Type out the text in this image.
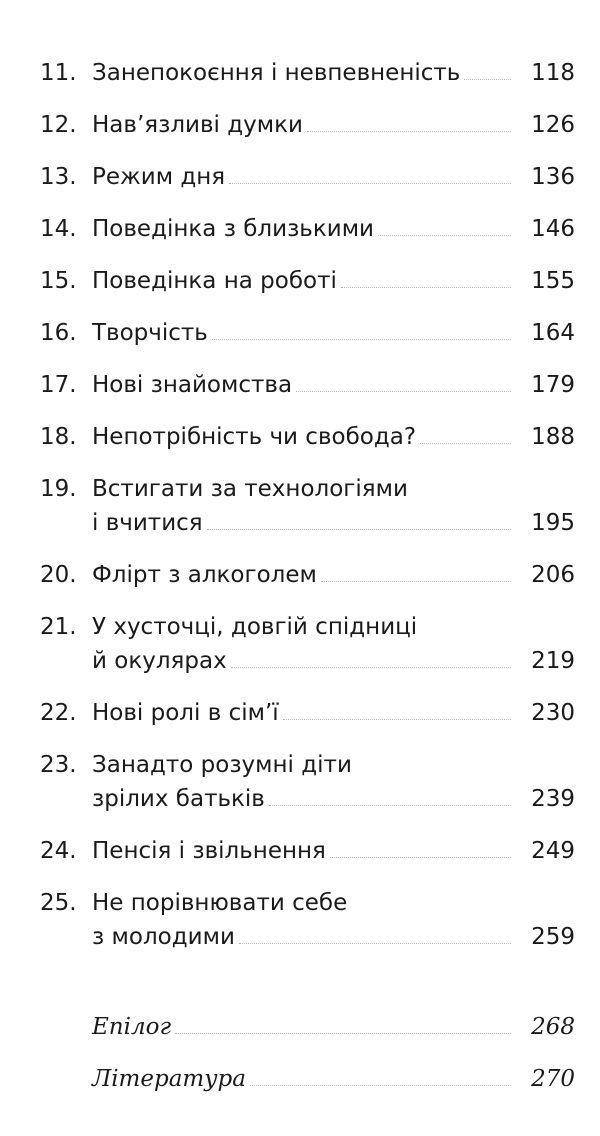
11. Занепокоєння і невпевненість	118
12. Нав’язливі думки	126
13. Режим дня	136
14. Поведінка з близькими	146
15. Поведінка на роботі	155
16. Творчість	164
17. Нові знайомства	179
18. Непотрібність чи свобода?	188
19. Встигати за технологіями
і вчитися	195
20. Флірт з алкоголем	206
21. У хусточці, довгій спідниці
й окулярах	219
22. Нові ролі в сім’ї	230
23. Занадто розумні діти
зрілих батьків	239
24. Пенсія і звільнення	249
25. Не порівнювати себе
з молодими	259
Епілог	268
Література	270
